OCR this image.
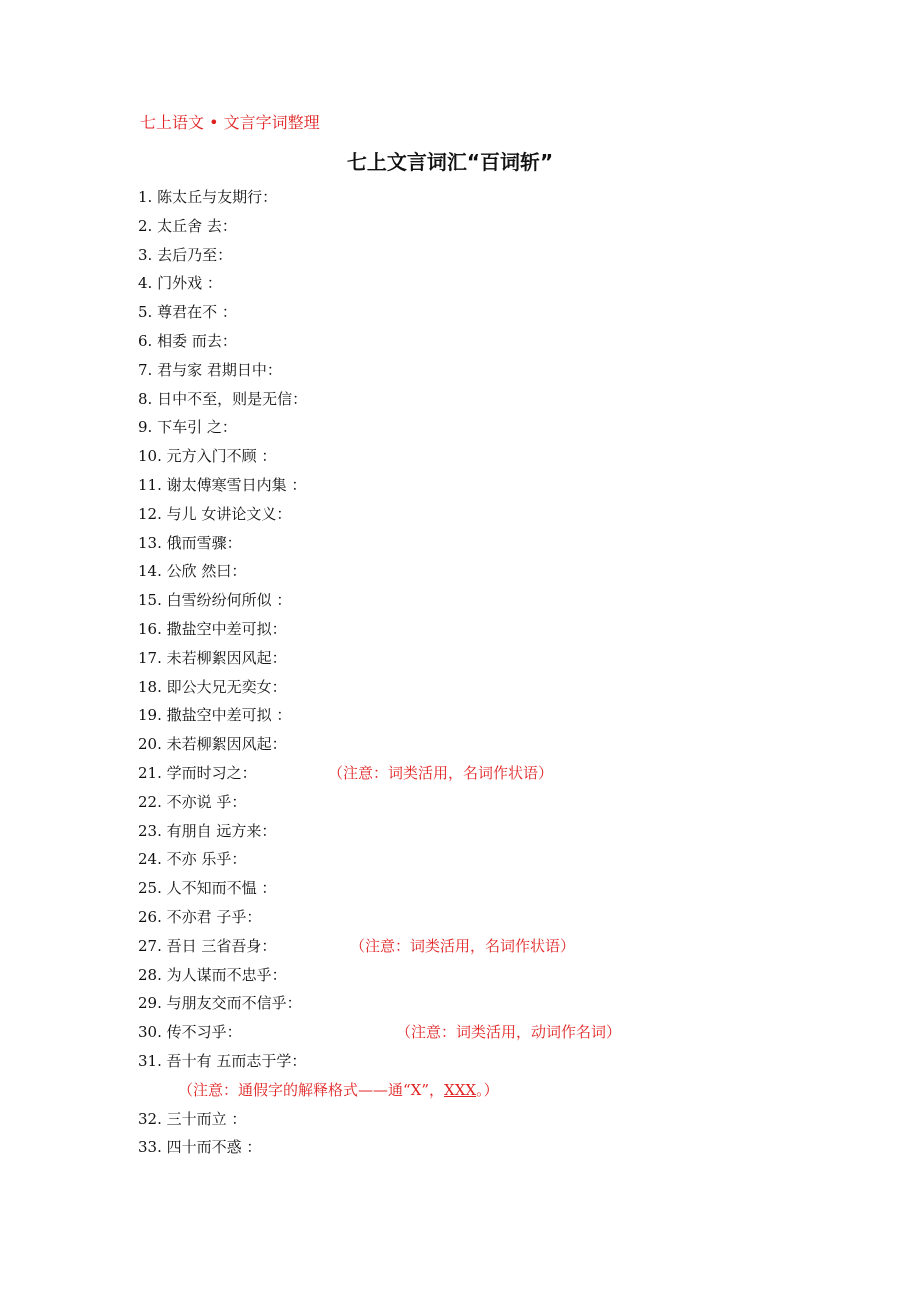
七上语文 • 文言字词整理
七上文言词汇“百词斩”
1. 陈太丘与友期行：
2. 太丘舍 去：
3. 去后乃至：
4. 门外戏 ：
5. 尊君在不 ：
6. 相委 而去：
7. 君与家 君期日中：
8. 日中不至，则是无信：
9. 下车引 之：
10. 元方入门不顾 ：
11. 谢太傅寒雪日内集 ：
12. 与儿 女讲论文义：
13. 俄而雪骤：
14. 公欣 然曰：
15. 白雪纷纷何所似 ：
16. 撒盐空中差可拟：
17. 未若柳絮因风起：
18. 即公大兄无奕女：
19. 撒盐空中差可拟 ：
20. 未若柳絮因风起：
21. 学而时习之：	（注意：词类活用，名词作状语）
22. 不亦说 乎：
23. 有朋自 远方来：
24. 不亦 乐乎：
25. 人不知而不愠 ：
26. 不亦君 子乎：
27. 吾日 三省吾身：	（注意：词类活用，名词作状语）
28. 为人谋而不忠乎：
29. 与朋友交而不信乎：
30. 传不习乎：	（注意：词类活用，动词作名词）
31. 吾十有 五而志于学：
（注意：通假字的解释格式——通“X”，XXX。）
32. 三十而立 ：
33. 四十而不惑 ：
